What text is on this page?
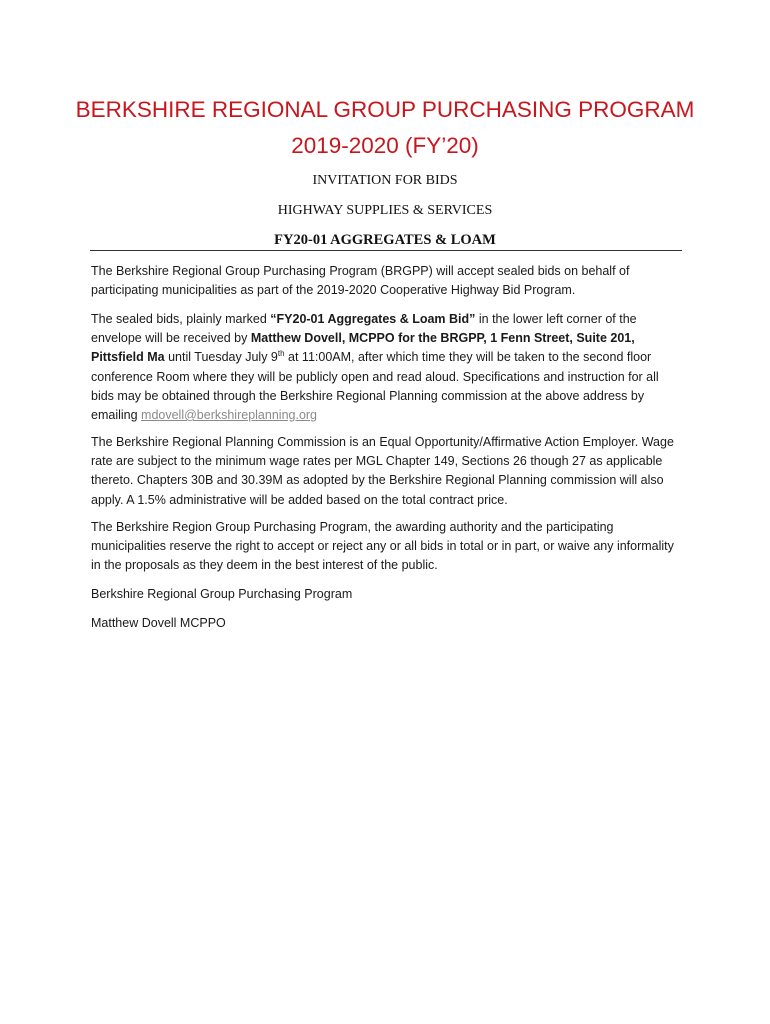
BERKSHIRE REGIONAL GROUP PURCHASING PROGRAM
2019-2020 (FY’20)
INVITATION FOR BIDS
HIGHWAY SUPPLIES & SERVICES
FY20-01 AGGREGATES & LOAM

The Berkshire Regional Group Purchasing Program (BRGPP) will accept sealed bids on behalf of participating municipalities as part of the 2019-2020 Cooperative Highway Bid Program.

The sealed bids, plainly marked “FY20-01 Aggregates & Loam Bid” in the lower left corner of the envelope will be received by Matthew Dovell, MCPPO for the BRGPP, 1 Fenn Street, Suite 201, Pittsfield Ma until Tuesday July 9th at 11:00AM, after which time they will be taken to the second floor conference Room where they will be publicly open and read aloud. Specifications and instruction for all bids may be obtained through the Berkshire Regional Planning commission at the above address by emailing mdovell@berkshireplanning.org

The Berkshire Regional Planning Commission is an Equal Opportunity/Affirmative Action Employer. Wage rate are subject to the minimum wage rates per MGL Chapter 149, Sections 26 though 27 as applicable thereto. Chapters 30B and 30.39M as adopted by the Berkshire Regional Planning commission will also apply. A 1.5% administrative will be added based on the total contract price.

The Berkshire Region Group Purchasing Program, the awarding authority and the participating municipalities reserve the right to accept or reject any or all bids in total or in part, or waive any informality in the proposals as they deem in the best interest of the public.

Berkshire Regional Group Purchasing Program

Matthew Dovell MCPPO
